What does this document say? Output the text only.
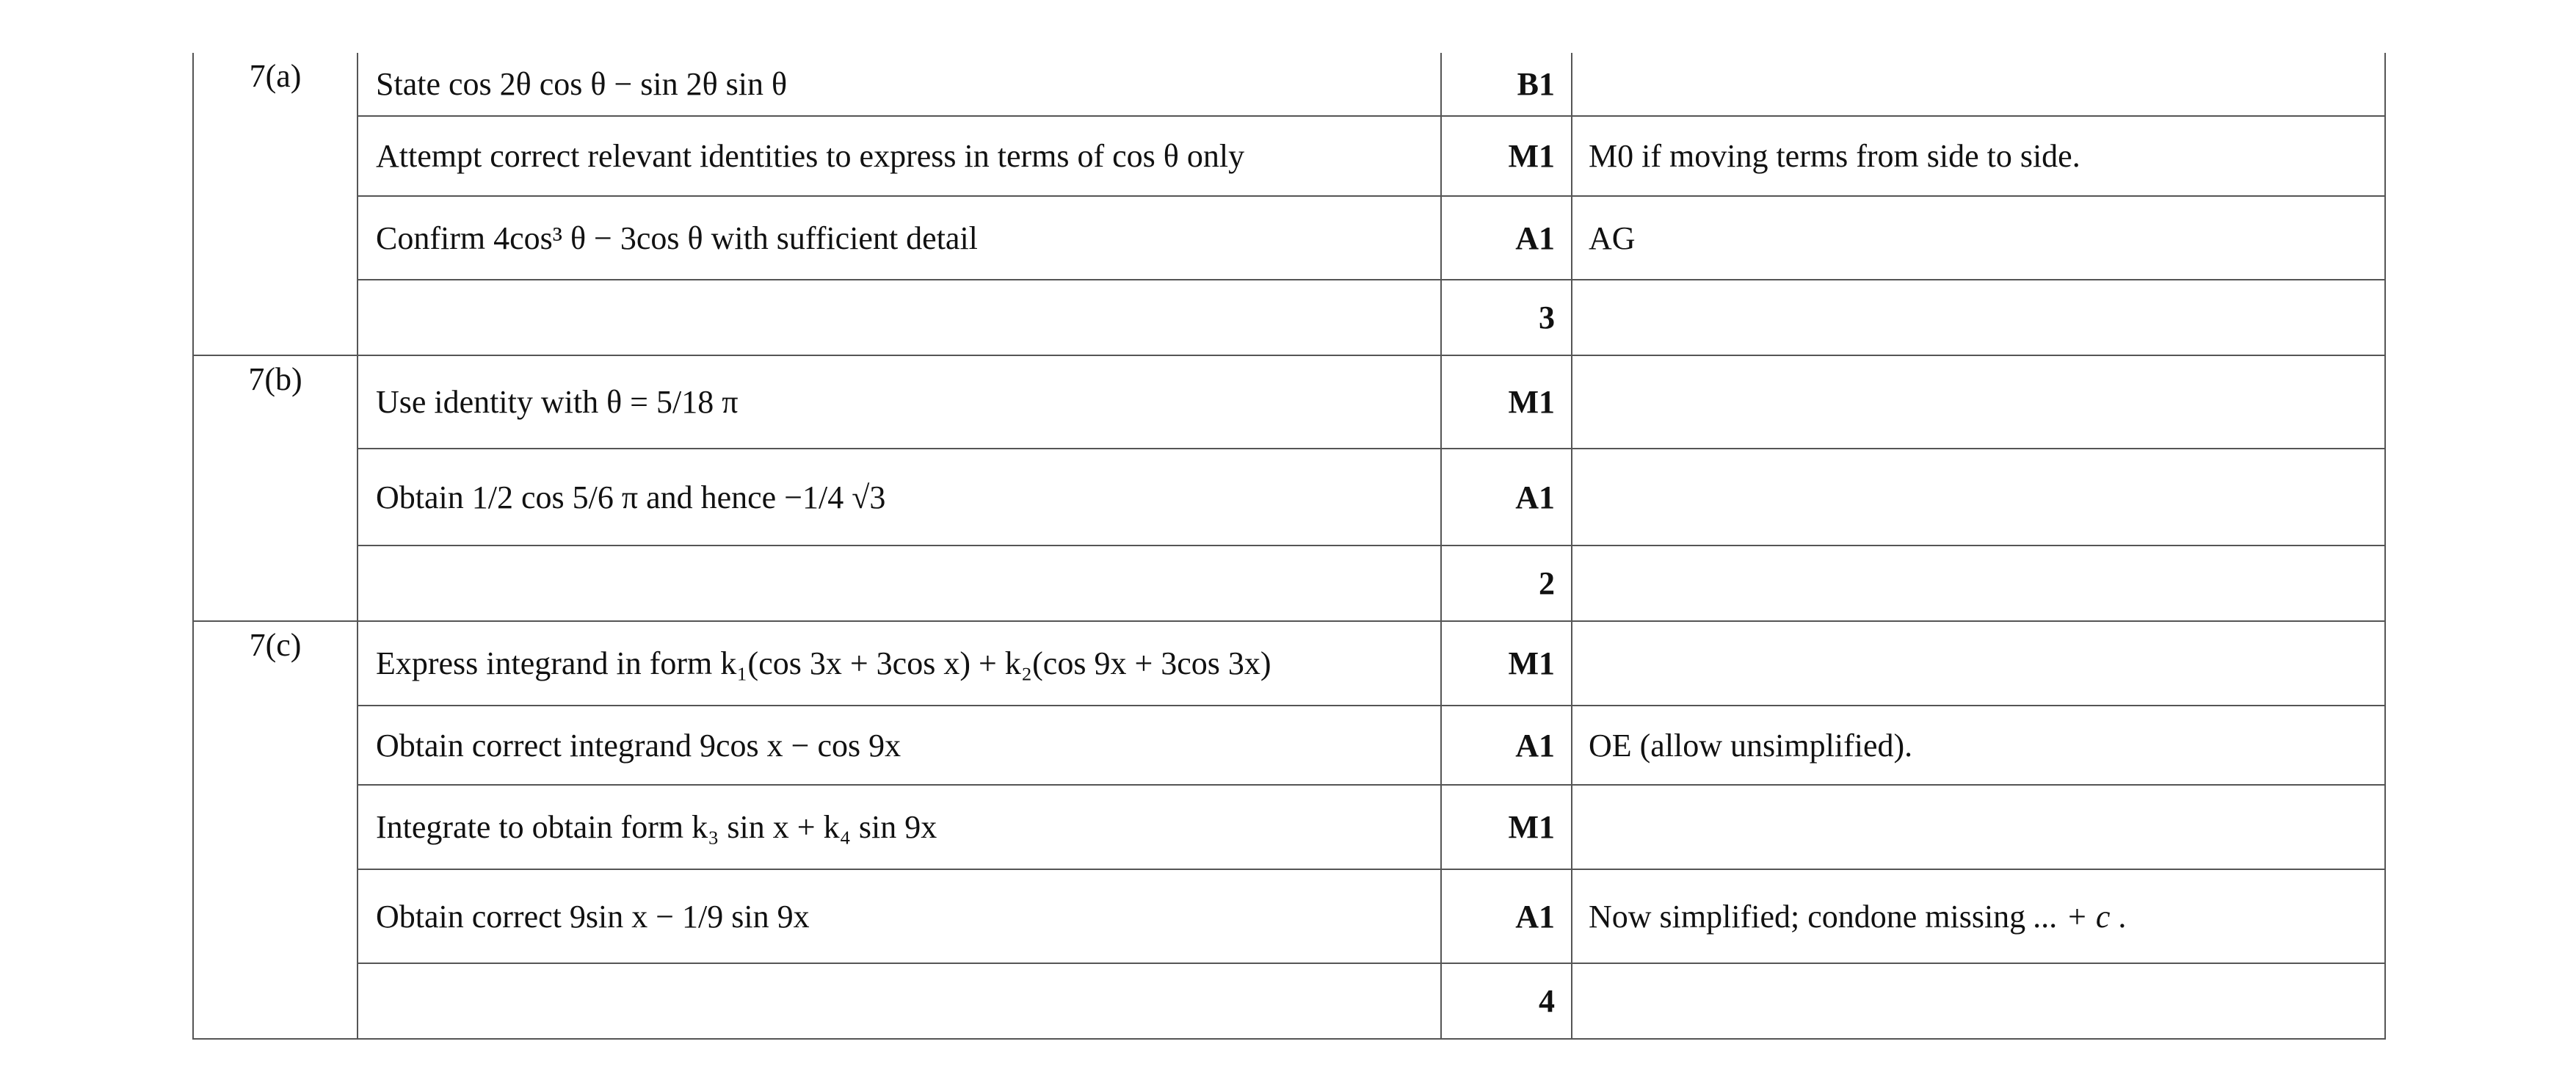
7(a)	State cos 2θ cos θ − sin 2θ sin θ	B1	
	Attempt correct relevant identities to express in terms of cos θ only	M1	M0 if moving terms from side to side.
	Confirm 4cos³ θ − 3cos θ with sufficient detail	A1	AG
		3	
7(b)	Use identity with θ = 5/18 π	M1	
	Obtain 1/2 cos 5/6 π and hence −1/4 √3	A1	
		2	
7(c)	Express integrand in form k₁(cos 3x + 3cos x) + k₂(cos 9x + 3cos 3x)	M1	
	Obtain correct integrand 9cos x − cos 9x	A1	OE (allow unsimplified).
	Integrate to obtain form k₃ sin x + k₄ sin 9x	M1	
	Obtain correct 9sin x − 1/9 sin 9x	A1	Now simplified; condone missing ... + c .
		4	
